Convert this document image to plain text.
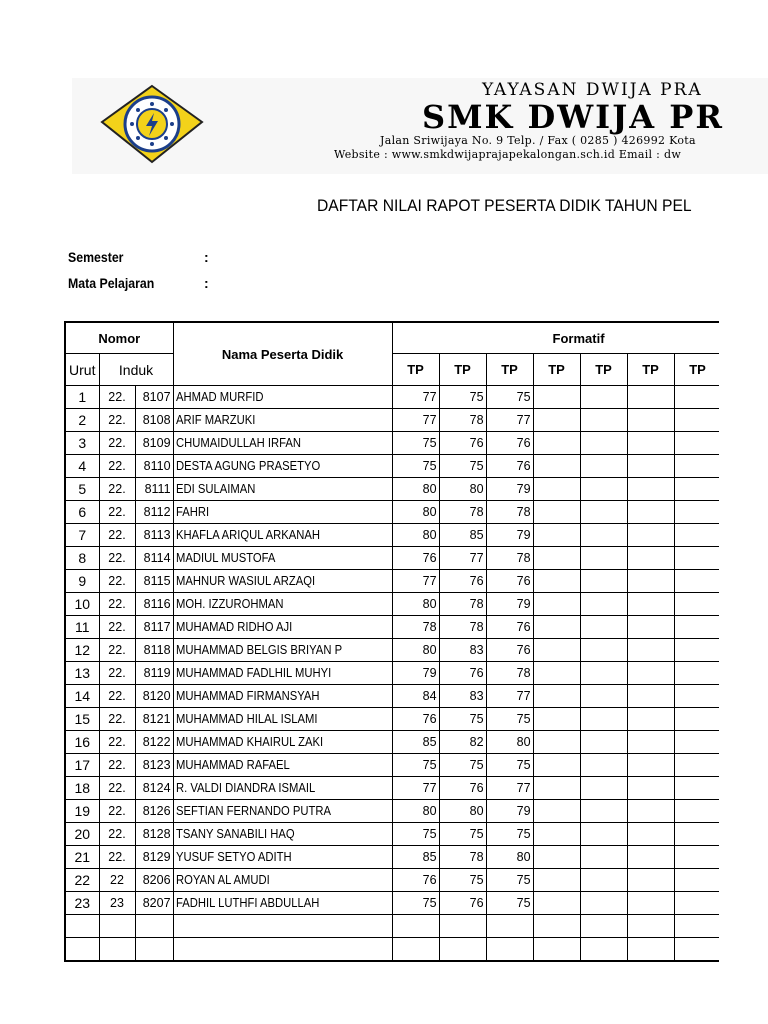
YAYASAN DWIJA PRA
SMK DWIJA PR
Jalan Sriwijaya No. 9 Telp. / Fax ( 0285 ) 426992 Kota
Website : www.smkdwijaprajapekalongan.sch.id Email : dw
DAFTAR NILAI RAPOT PESERTA DIDIK TAHUN PEL
Semester	:
Mata Pelajaran	:
Nomor			Nama Peserta Didik	Formatif							
Urut	Induk			TP	TP	TP	TP	TP	TP	TP	
1	22.	8107	AHMAD MURFID	77	75	75					
2	22.	8108	ARIF MARZUKI	77	78	77					
3	22.	8109	CHUMAIDULLAH IRFAN	75	76	76					
4	22.	8110	DESTA AGUNG PRASETYO	75	75	76					
5	22.	8111	EDI SULAIMAN	80	80	79					
6	22.	8112	FAHRI	80	78	78					
7	22.	8113	KHAFLA ARIQUL ARKANAH	80	85	79					
8	22.	8114	MADIUL MUSTOFA	76	77	78					
9	22.	8115	MAHNUR WASIUL ARZAQI	77	76	76					
10	22.	8116	MOH. IZZUROHMAN	80	78	79					
11	22.	8117	MUHAMAD RIDHO AJI	78	78	76					
12	22.	8118	MUHAMMAD BELGIS BRIYAN P	80	83	76					
13	22.	8119	MUHAMMAD FADLHIL MUHYI	79	76	78					
14	22.	8120	MUHAMMAD FIRMANSYAH	84	83	77					
15	22.	8121	MUHAMMAD HILAL ISLAMI	76	75	75					
16	22.	8122	MUHAMMAD KHAIRUL ZAKI	85	82	80					
17	22.	8123	MUHAMMAD RAFAEL	75	75	75					
18	22.	8124	R. VALDI DIANDRA ISMAIL	77	76	77					
19	22.	8126	SEFTIAN FERNANDO PUTRA	80	80	79					
20	22.	8128	TSANY SANABILI HAQ	75	75	75					
21	22.	8129	YUSUF SETYO ADITH	85	78	80					
22	22	8206	ROYAN AL AMUDI	76	75	75					
23	23	8207	FADHIL LUTHFI ABDULLAH	75	76	75					
